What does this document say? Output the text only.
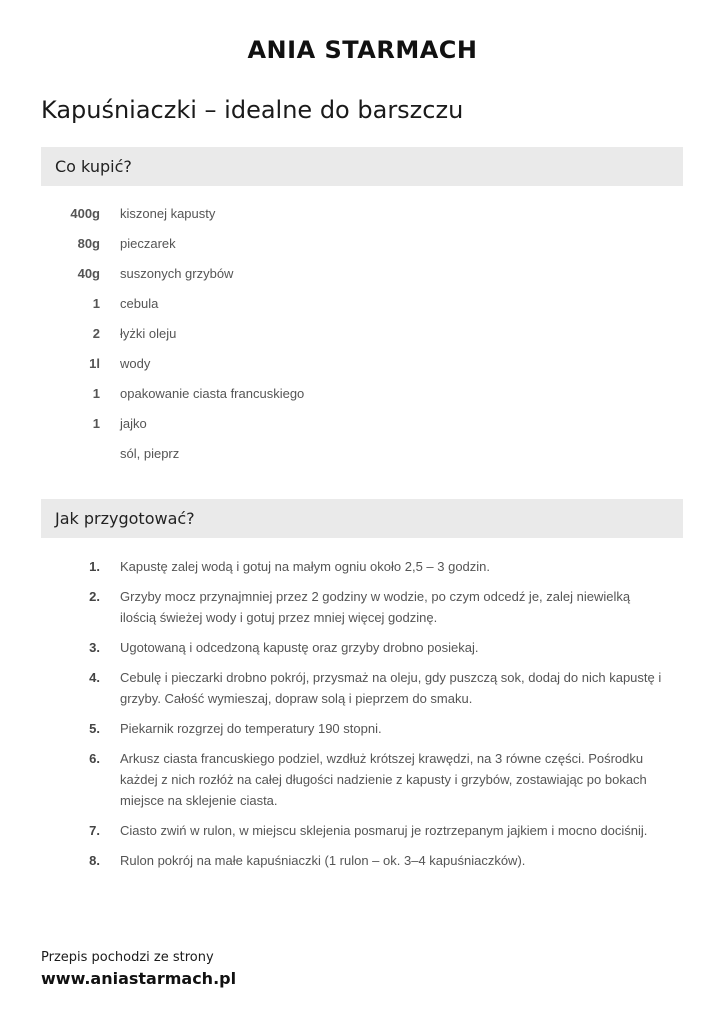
ANIA STARMACH
Kapuśniaczki – idealne do barszczu
Co kupić?
400g kiszonej kapusty
80g pieczarek
40g suszonych grzybów
1 cebula
2 łyżki oleju
1l wody
1 opakowanie ciasta francuskiego
1 jajko
sól, pieprz
Jak przygotować?
1. Kapustę zalej wodą i gotuj na małym ogniu około 2,5 – 3 godzin.
2. Grzyby mocz przynajmniej przez 2 godziny w wodzie, po czym odcedź je, zalej niewielką ilością świeżej wody i gotuj przez mniej więcej godzinę.
3. Ugotowaną i odcedzoną kapustę oraz grzyby drobno posiekaj.
4. Cebulę i pieczarki drobno pokrój, przysmaż na oleju, gdy puszczą sok, dodaj do nich kapustę i grzyby. Całość wymieszaj, dopraw solą i pieprzem do smaku.
5. Piekarnik rozgrzej do temperatury 190 stopni.
6. Arkusz ciasta francuskiego podziel, wzdłuż krótszej krawędzi, na 3 równe części. Pośrodku każdej z nich rozłóż na całej długości nadzienie z kapusty i grzybów, zostawiając po bokach miejsce na sklejenie ciasta.
7. Ciasto zwiń w rulon, w miejscu sklejenia posmaruj je roztrzepanym jajkiem i mocno dociśnij.
8. Rulon pokrój na małe kapuśniaczki (1 rulon – ok. 3–4 kapuśniaczków).
Przepis pochodzi ze strony
www.aniastarmach.pl
